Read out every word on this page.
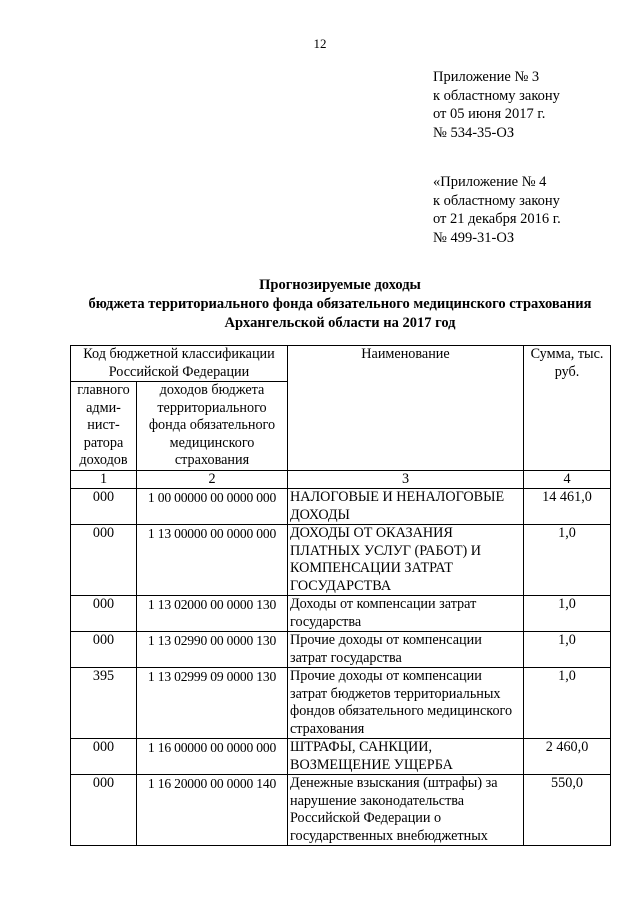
12
Приложение № 3
к областному закону
от 05 июня 2017 г.
№ 534-35-ОЗ
«Приложение № 4
к областному закону
от 21 декабря 2016 г.
№ 499-31-ОЗ
Прогнозируемые доходы
бюджета территориального фонда обязательного медицинского страхования
Архангельской области на 2017 год
Код бюджетной классификации Российской Федерации		Наименование	Сумма, тыс. руб.
главного адми-нист-ратора доходов	доходов бюджета территориального фонда обязательного медицинского страхования		
1	2	3	4
000	1 00 00000 00 0000 000	НАЛОГОВЫЕ И НЕНАЛОГОВЫЕ ДОХОДЫ	14 461,0
000	1 13 00000 00 0000 000	ДОХОДЫ ОТ ОКАЗАНИЯ ПЛАТНЫХ УСЛУГ (РАБОТ) И КОМПЕНСАЦИИ ЗАТРАТ ГОСУДАРСТВА	1,0
000	1 13 02000 00 0000 130	Доходы от компенсации затрат государства	1,0
000	1 13 02990 00 0000 130	Прочие доходы от компенсации затрат государства	1,0
395	1 13 02999 09 0000 130	Прочие доходы от компенсации затрат бюджетов территориальных фондов обязательного медицинского страхования	1,0
000	1 16 00000 00 0000 000	ШТРАФЫ, САНКЦИИ, ВОЗМЕЩЕНИЕ УЩЕРБА	2 460,0
000	1 16 20000 00 0000 140	Денежные взыскания (штрафы) за нарушение законодательства Российской Федерации о государственных внебюджетных	550,0
